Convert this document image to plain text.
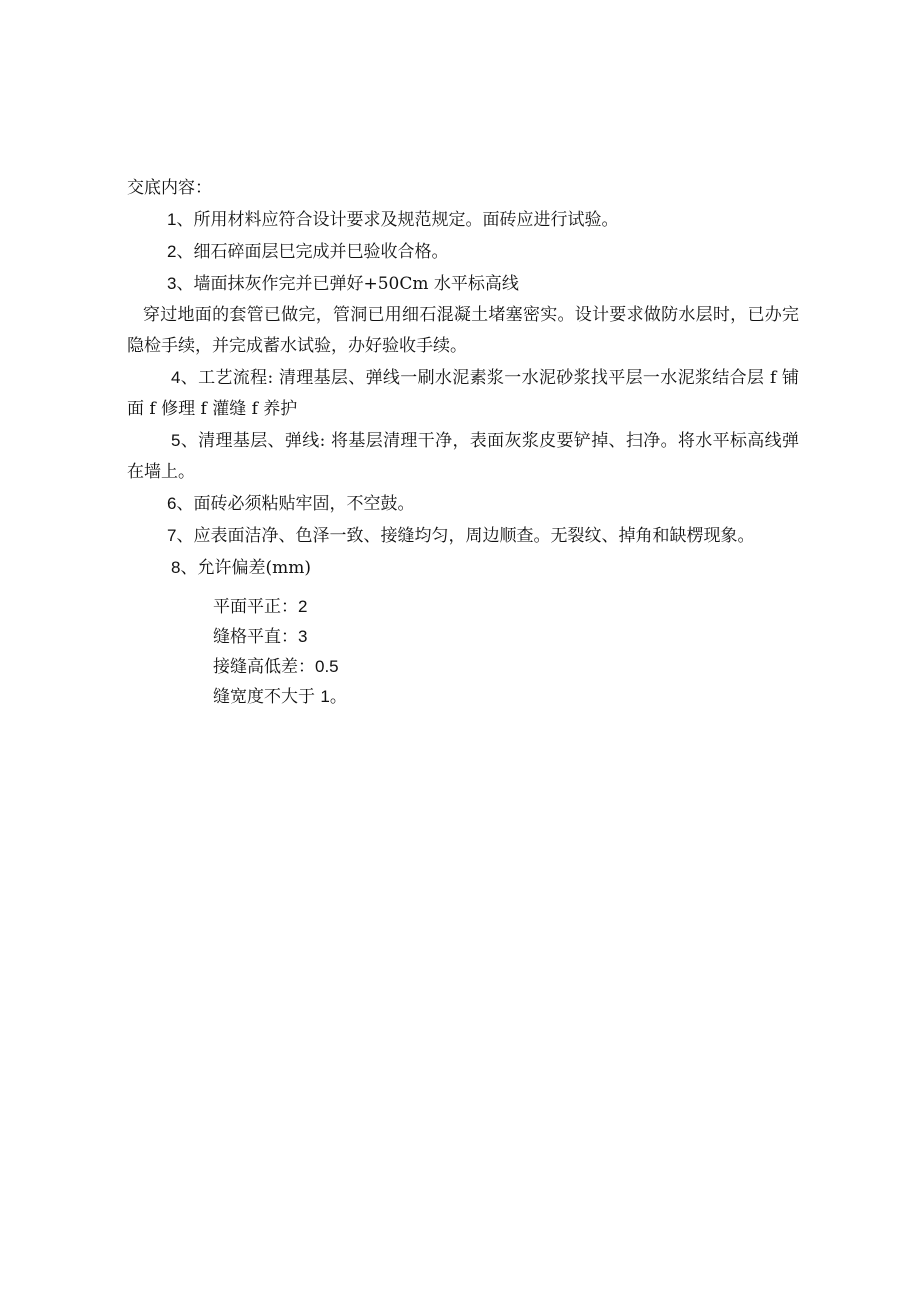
交底内容：

1、所用材料应符合设计要求及规范规定。面砖应进行试验。

2、细石碎面层巳完成并巳验收合格。

3、墙面抹灰作完并已弹好+50Cm 水平标高线

穿过地面的套管已做完，管洞已用细石混凝土堵塞密实。设计要求做防水层时，已办完隐检手续，并完成蓄水试验，办好验收手续。

4、工艺流程: 清理基层、弹线一刷水泥素浆一水泥砂浆找平层一水泥浆结合层 f 铺面 f 修理 f 灌缝 f 养护

5、清理基层、弹线: 将基层清理干净，表面灰浆皮要铲掉、扫净。将水平标高线弹在墙上。

6、面砖必须粘贴牢固，不空鼓。

7、应表面洁净、色泽一致、接缝均匀，周边顺查。无裂纹、掉角和缺楞现象。

8、允许偏差(mm)

平面平正：2

缝格平直：3

接缝高低差：0.5

缝宽度不大于 1。
